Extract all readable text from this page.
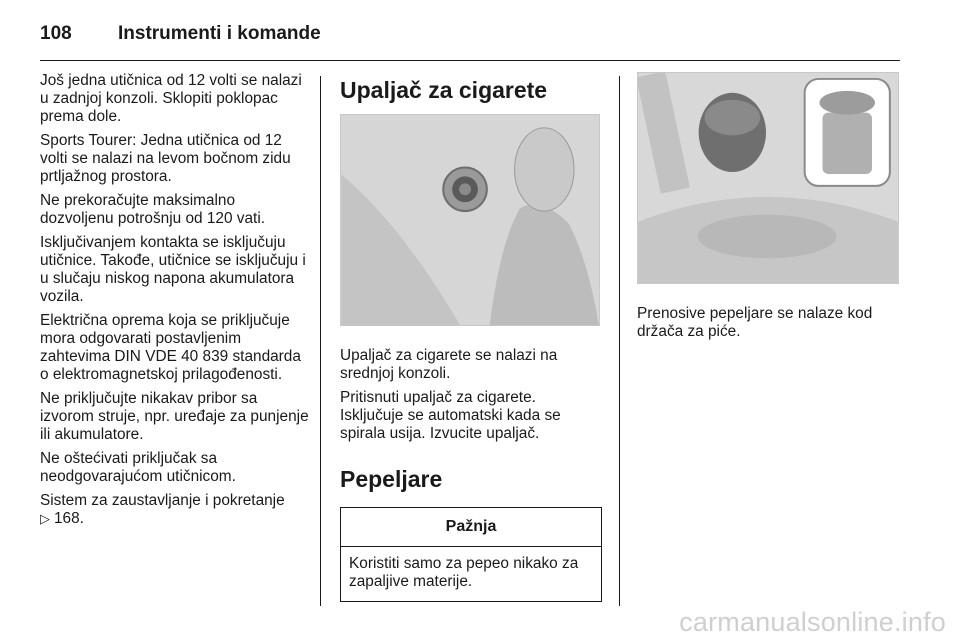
108	Instrumenti i komande

Još jedna utičnica od 12 volti se nalazi u zadnjoj konzoli. Sklopiti poklopac prema dole.

Sports Tourer: Jedna utičnica od 12 volti se nalazi na levom bočnom zidu prtljažnog prostora.

Ne prekoračujte maksimalno dozvoljenu potrošnju od 120 vati.

Isključivanjem kontakta se isključuju utičnice. Takođe, utičnice se isključuju i u slučaju niskog napona akumulatora vozila.

Električna oprema koja se priključuje mora odgovarati postavljenim zahtevima DIN VDE 40 839 standarda o elektromagnetskoj prilagođenosti.

Ne priključujte nikakav pribor sa izvorom struje, npr. uređaje za punjenje ili akumulatore.

Ne oštećivati priključak sa neodgovarajućom utičnicom.

Sistem za zaustavljanje i pokretanje
▷ 168.

Upaljač za cigarete

Upaljač za cigarete se nalazi na srednjoj konzoli.

Pritisnuti upaljač za cigarete. Isključuje se automatski kada se spirala usija. Izvucite upaljač.

Pepeljare
Pažnja
Koristiti samo za pepeo nikako za zapaljive materije.

Prenosive pepeljare se nalaze kod držača za piće.

carmanualsonline.info
